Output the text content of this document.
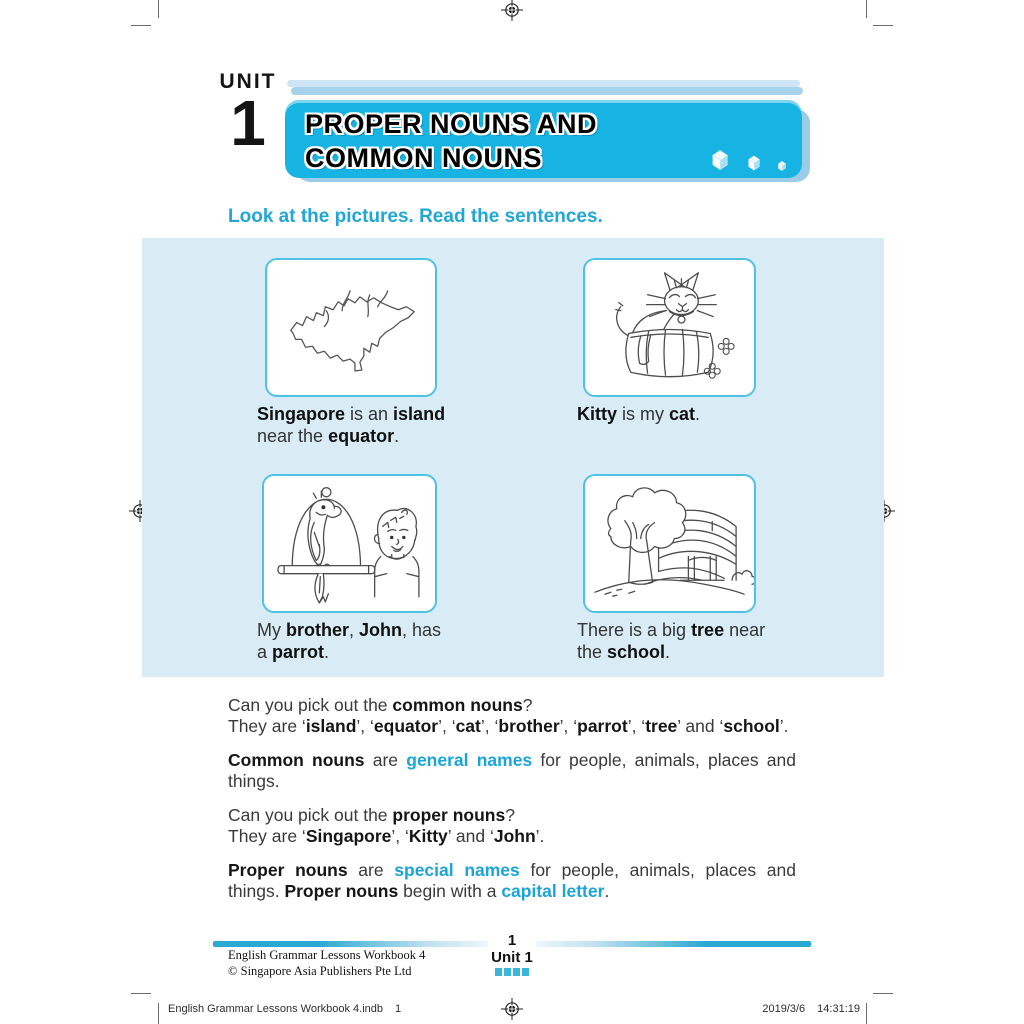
UNIT
1	PROPER NOUNS AND
COMMON NOUNS
Look at the pictures. Read the sentences.
Singapore is an island
near the equator.
Kitty is my cat.
My brother, John, has
a parrot.
There is a big tree near
the school.

Can you pick out the common nouns?
They are ‘island’, ‘equator’, ‘cat’, ‘brother’, ‘parrot’, ‘tree’ and ‘school’.

Common nouns are general names for people, animals, places and things.

Can you pick out the proper nouns?
They are ‘Singapore’, ‘Kitty’ and ‘John’.

Proper nouns are special names for people, animals, places and things. Proper nouns begin with a capital letter.

1
Unit 1
English Grammar Lessons Workbook 4
© Singapore Asia Publishers Pte Ltd
English Grammar Lessons Workbook 4.indb 1	2019/3/6 14:31:19
